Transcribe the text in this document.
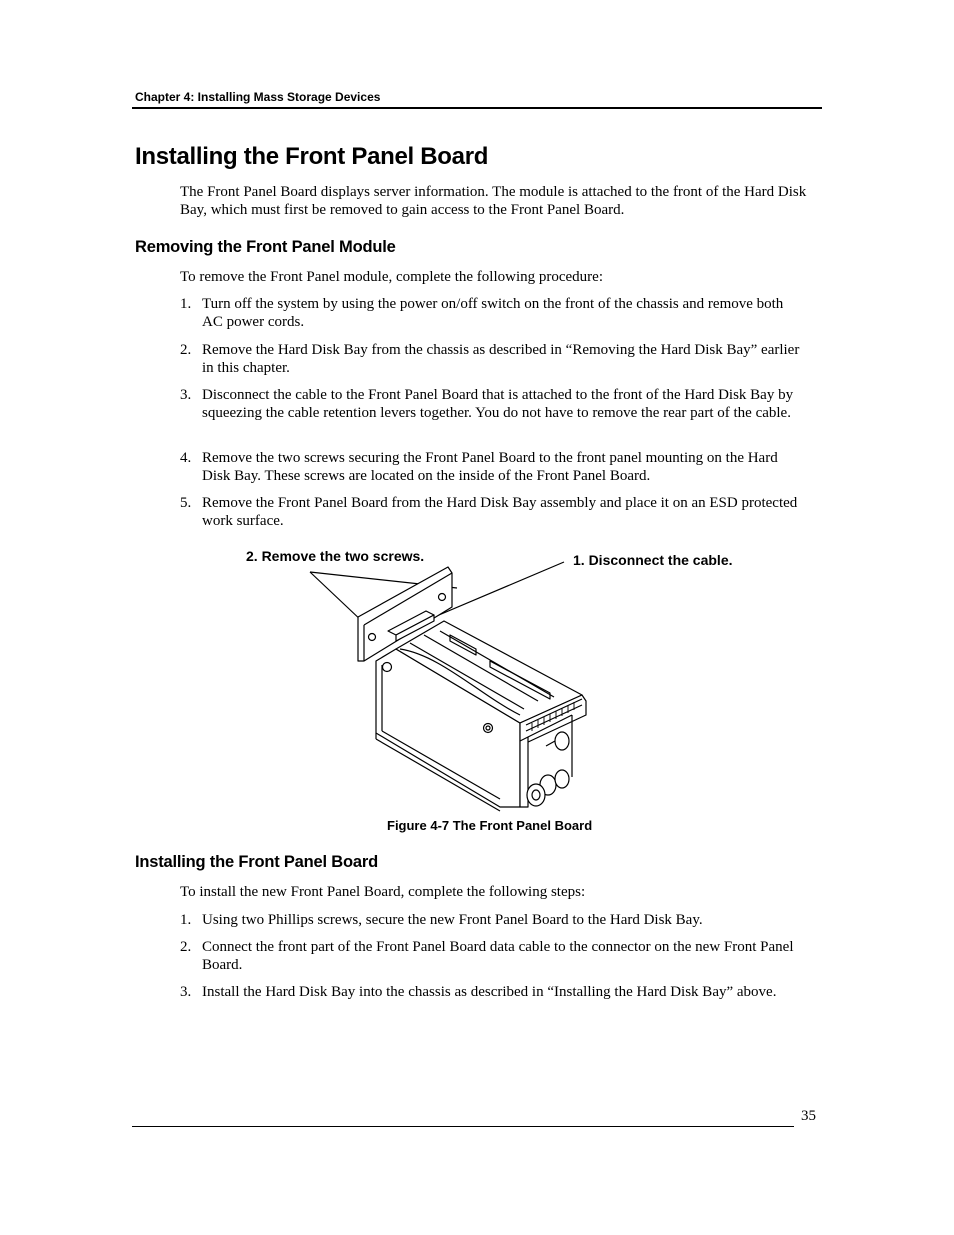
Chapter 4: Installing Mass Storage Devices
Installing the Front Panel Board

The Front Panel Board displays server information. The module is attached to the front of the Hard Disk Bay, which must first be removed to gain access to the Front Panel Board.

Removing the Front Panel Module

To remove the Front Panel module, complete the following procedure:

1. Turn off the system by using the power on/off switch on the front of the chassis and remove both AC power cords.
2. Remove the Hard Disk Bay from the chassis as described in “Removing the Hard Disk Bay” earlier in this chapter.
3. Disconnect the cable to the Front Panel Board that is attached to the front of the Hard Disk Bay by squeezing the cable retention levers together. You do not have to remove the rear part of the cable.
4. Remove the two screws securing the Front Panel Board to the front panel mounting on the Hard Disk Bay. These screws are located on the inside of the Front Panel Board.
5. Remove the Front Panel Board from the Hard Disk Bay assembly and place it on an ESD protected work surface.
2. Remove the two screws.	1. Disconnect the cable.
Figure 4-7 The Front Panel Board
Installing the Front Panel Board

To install the new Front Panel Board, complete the following steps:

1. Using two Phillips screws, secure the new Front Panel Board to the Hard Disk Bay.
2. Connect the front part of the Front Panel Board data cable to the connector on the new Front Panel Board.
3. Install the Hard Disk Bay into the chassis as described in “Installing the Hard Disk Bay” above.
35
